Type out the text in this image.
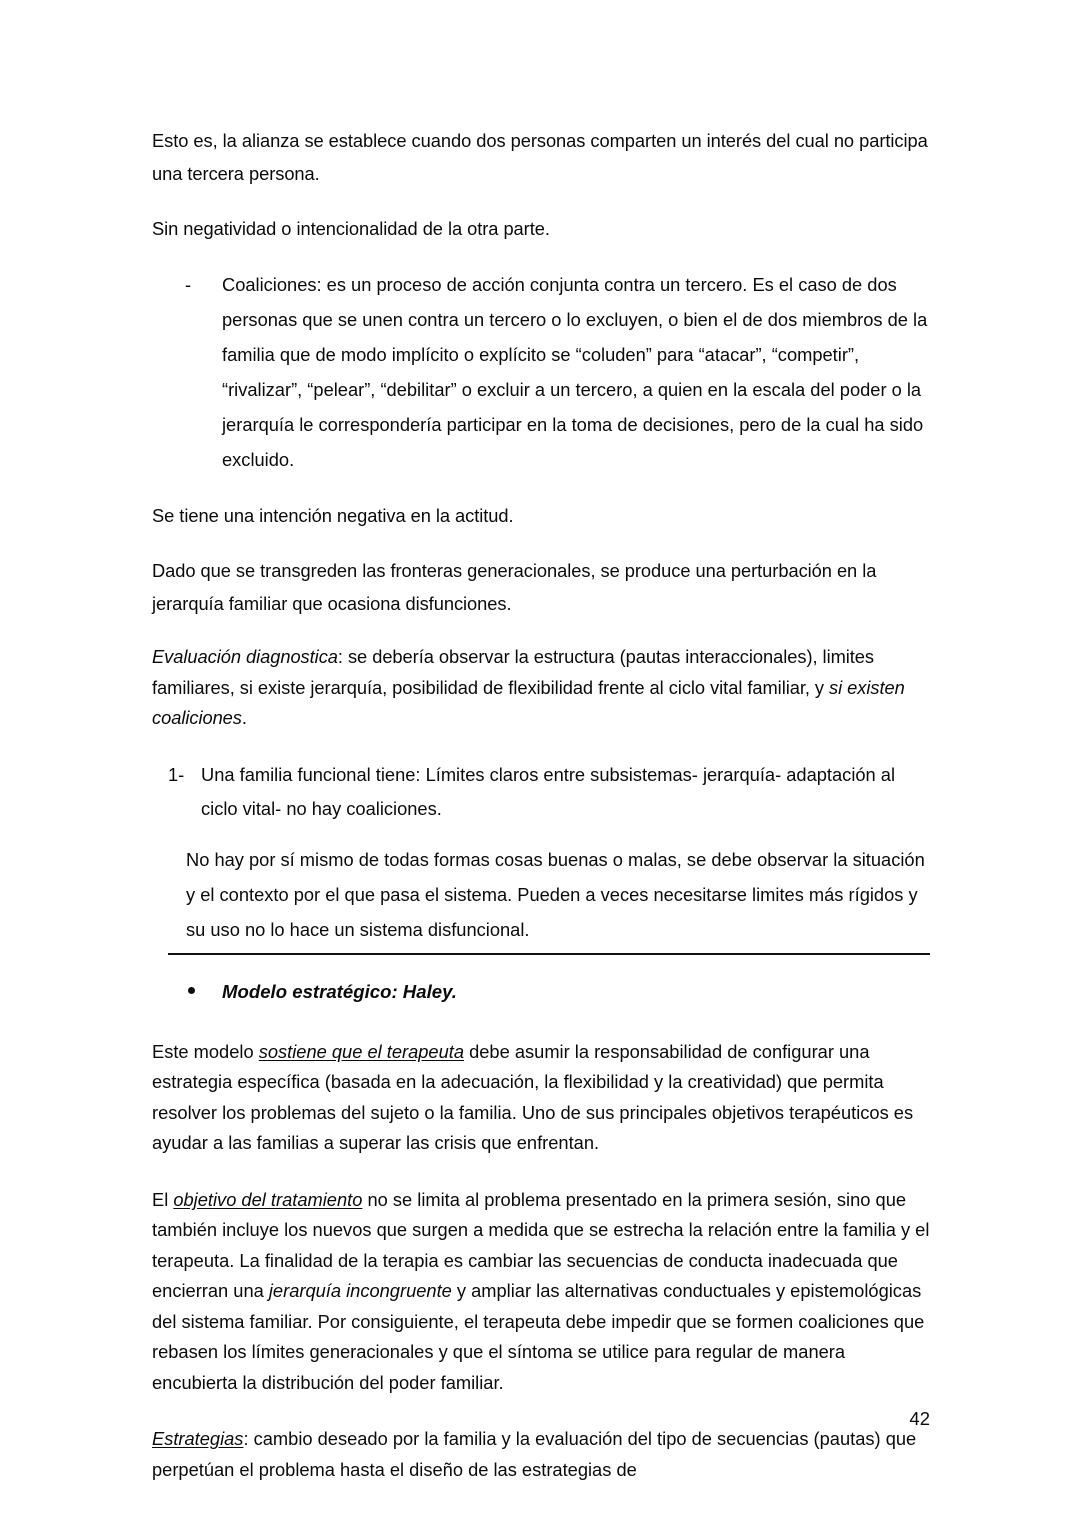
Esto es, la alianza se establece cuando dos personas comparten un interés del cual no participa una tercera persona.

Sin negatividad o intencionalidad de la otra parte.

- Coaliciones: es un proceso de acción conjunta contra un tercero. Es el caso de dos personas que se unen contra un tercero o lo excluyen, o bien el de dos miembros de la familia que de modo implícito o explícito se “coluden” para “atacar”, “competir”, “rivalizar”, “pelear”, “debilitar” o excluir a un tercero, a quien en la escala del poder o la jerarquía le correspondería participar en la toma de decisiones, pero de la cual ha sido excluido.

Se tiene una intención negativa en la actitud.

Dado que se transgreden las fronteras generacionales, se produce una perturbación en la jerarquía familiar que ocasiona disfunciones.

Evaluación diagnostica: se debería observar la estructura (pautas interaccionales), limites familiares, si existe jerarquía, posibilidad de flexibilidad frente al ciclo vital familiar, y si existen coaliciones.

1- Una familia funcional tiene: Límites claros entre subsistemas- jerarquía- adaptación al ciclo vital- no hay coaliciones.

No hay por sí mismo de todas formas cosas buenas o malas, se debe observar la situación y el contexto por el que pasa el sistema. Pueden a veces necesitarse limites más rígidos y su uso no lo hace un sistema disfuncional.

Modelo estratégico: Haley.

Este modelo sostiene que el terapeuta debe asumir la responsabilidad de configurar una estrategia específica (basada en la adecuación, la flexibilidad y la creatividad) que permita resolver los problemas del sujeto o la familia. Uno de sus principales objetivos terapéuticos es ayudar a las familias a superar las crisis que enfrentan.

El objetivo del tratamiento no se limita al problema presentado en la primera sesión, sino que también incluye los nuevos que surgen a medida que se estrecha la relación entre la familia y el terapeuta. La finalidad de la terapia es cambiar las secuencias de conducta inadecuada que encierran una jerarquía incongruente y ampliar las alternativas conductuales y epistemológicas del sistema familiar. Por consiguiente, el terapeuta debe impedir que se formen coaliciones que rebasen los límites generacionales y que el síntoma se utilice para regular de manera encubierta la distribución del poder familiar.

Estrategias: cambio deseado por la familia y la evaluación del tipo de secuencias (pautas) que perpetúan el problema hasta el diseño de las estrategias de

42
